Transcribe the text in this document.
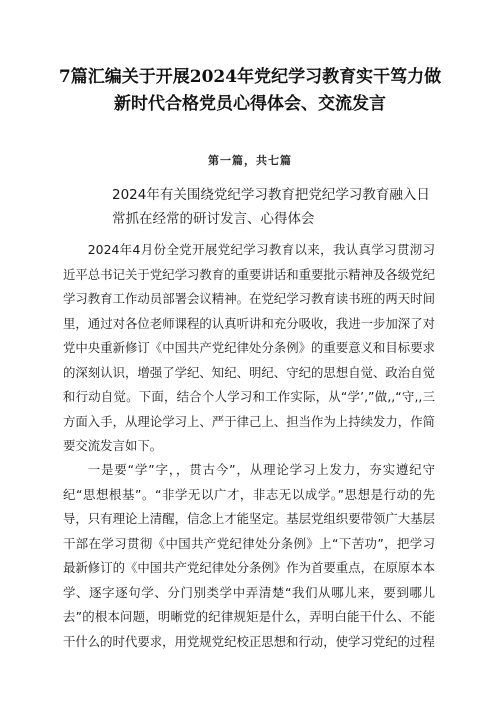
7篇汇编关于开展2024年党纪学习教育实干笃力做
新时代合格党员心得体会、交流发言
第一篇，共七篇
2024年有关围绕党纪学习教育把党纪学习教育融入日常抓在经常的研讨发言、心得体会

2024年4月份全党开展党纪学习教育以来，我认真学习贯沏习近平总书记关于党纪学习教育的重要讲话和重要批示精神及各级党纪学习教育工作动员部署会议精神。在党纪学习教育读书班的两天时间里，通过对各位老师课程的认真听讲和充分吸收，我进一步加深了对党中央重新修订《中国共产党纪律处分条例》的重要意义和目标要求的深刻认识，增强了学纪、知纪、明纪、守纪的思想自觉、政治自觉和行动自觉。下面，结合个人学习和工作实际，从“学’,”做,,“守,,三方面入手，从理论学习上、严于律己上、担当作为上持续发力，作简要交流发言如下。

一是要“学”字，，贯古今”，从理论学习上发力，夯实遵纪守纪“思想根基”。“非学无以广才，非志无以成学。”思想是行动的先导，只有理论上清醒，信念上才能坚定。基层党组织要带领广大基层干部在学习贯彻《中国共产党纪律处分条例》上“下苦功”，把学习最新修订的《中国共产党纪律处分条例》作为首要重点，在原原本本学、逐字逐句学、分门别类学中弄清楚“我们从哪儿来，要到哪儿去”的根本问题，明晰党的纪律规矩是什么，弄明白能干什么、不能干什么的时代要求，用党规党纪校正思想和行动，使学习党纪的过程
